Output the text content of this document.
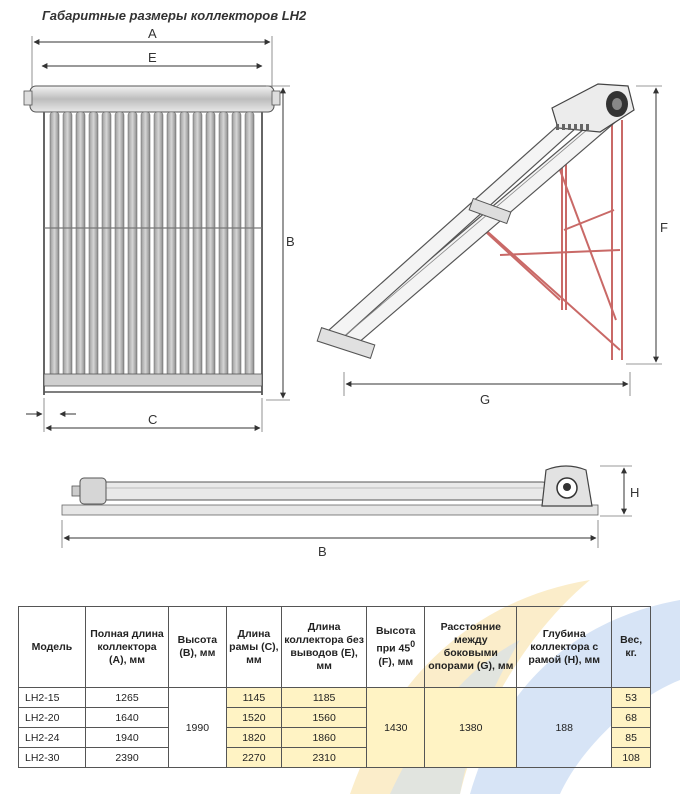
Габаритные размеры коллекторов LH2
A
E
B
C
F
G
H
B
Модель	Полная длина коллектора (А), мм	Высота (В), мм	Длина рамы (С), мм	Длина коллектора без выводов (Е), мм	Высота при $45^0$ (F), мм	Расстояние между боковыми опорами (G), мм	Глубина коллектора с рамой (Н), мм	Вес, кг.
LH2-15	1265	1990	1145	1185	1430	1380	188	53
LH2-20	1640		1520	1560				68
LH2-24	1940		1820	1860				85
LH2-30	2390		2270	2310				108
